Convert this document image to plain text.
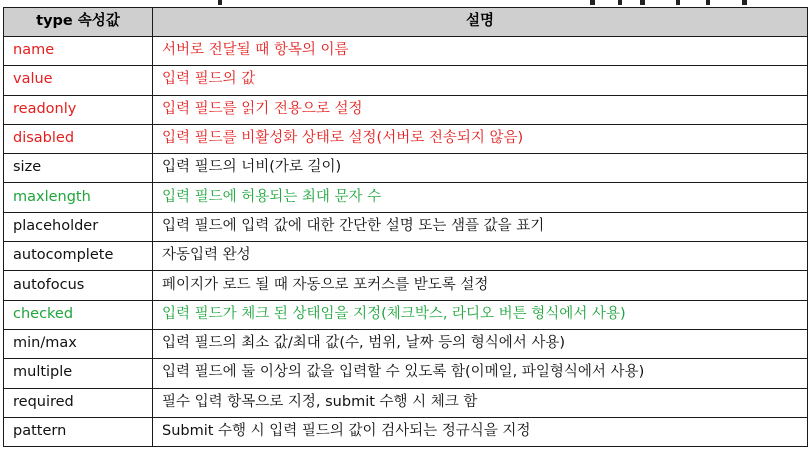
type 속성값	설명
name	서버로 전달될 때 항목의 이름
value	입력 필드의 값
readonly	입력 필드를 읽기 전용으로 설정
disabled	입력 필드를 비활성화 상태로 설정(서버로 전송되지 않음)
size	입력 필드의 너비(가로 길이)
maxlength	입력 필드에 허용되는 최대 문자 수
placeholder	입력 필드에 입력 값에 대한 간단한 설명 또는 샘플 값을 표기
autocomplete	자동입력 완성
autofocus	페이지가 로드 될 때 자동으로 포커스를 받도록 설정
checked	입력 필드가 체크 된 상태임을 지정(체크박스, 라디오 버튼 형식에서 사용)
min/max	입력 필드의 최소 값/최대 값(수, 범위, 날짜 등의 형식에서 사용)
multiple	입력 필드에 둘 이상의 값을 입력할 수 있도록 함(이메일, 파일형식에서 사용)
required	필수 입력 항목으로 지정, submit 수행 시 체크 함
pattern	Submit 수행 시 입력 필드의 값이 검사되는 정규식을 지정
